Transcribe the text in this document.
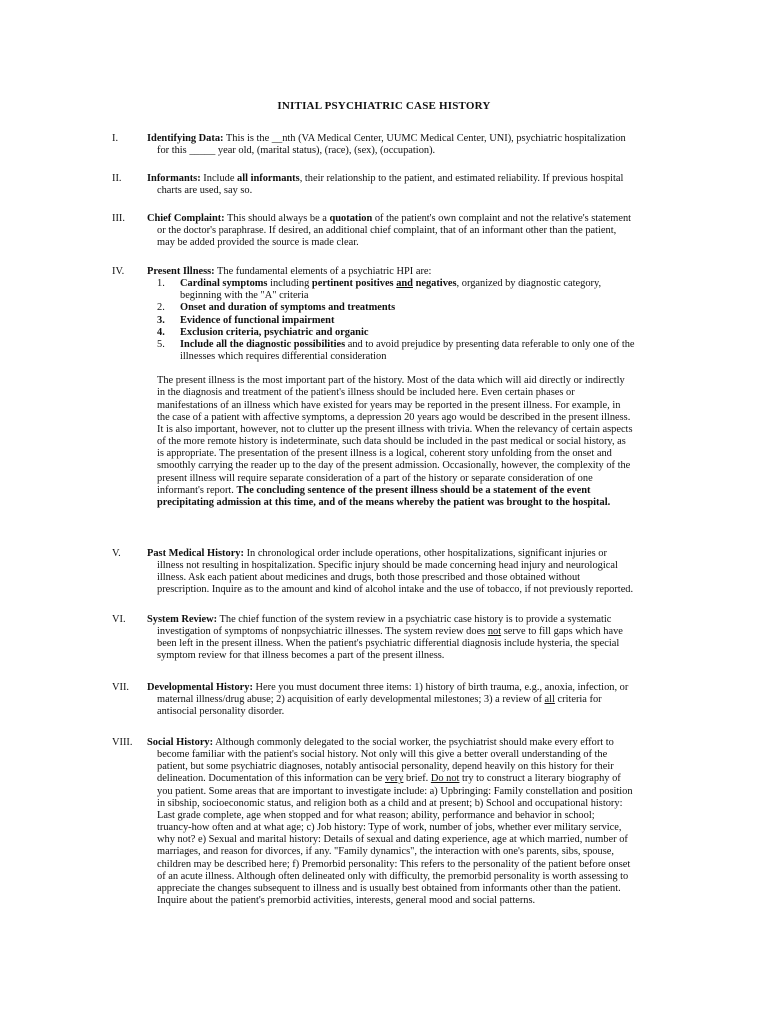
INITIAL PSYCHIATRIC CASE HISTORY
I.	Identifying Data: This is the __nth (VA Medical Center, UUMC Medical Center, UNI), psychiatric hospitalization
for this _____ year old, (marital status), (race), (sex), (occupation).
II.	Informants: Include all informants, their relationship to the patient, and estimated reliability. If previous hospital
charts are used, say so.
III.	Chief Complaint: This should always be a quotation of the patient's own complaint and not the relative's statement
or the doctor's paraphrase. If desired, an additional chief complaint, that of an informant other than the patient,
may be added provided the source is made clear.
IV.	Present Illness: The fundamental elements of a psychiatric HPI are:
1. Cardinal symptoms including pertinent positives and negatives, organized by diagnostic category,
beginning with the "A" criteria
2. Onset and duration of symptoms and treatments
3. Evidence of functional impairment
4. Exclusion criteria, psychiatric and organic
5. Include all the diagnostic possibilities and to avoid prejudice by presenting data referable to only one of the
illnesses which requires differential consideration
The present illness is the most important part of the history. Most of the data which will aid directly or indirectly
in the diagnosis and treatment of the patient's illness should be included here. Even certain phases or
manifestations of an illness which have existed for years may be reported in the present illness. For example, in
the case of a patient with affective symptoms, a depression 20 years ago would be described in the present illness.
It is also important, however, not to clutter up the present illness with trivia. When the relevancy of certain aspects
of the more remote history is indeterminate, such data should be included in the past medical or social history, as
is appropriate. The presentation of the present illness is a logical, coherent story unfolding from the onset and
smoothly carrying the reader up to the day of the present admission. Occasionally, however, the complexity of the
present illness will require separate consideration of a part of the history or separate consideration of one
informant's report. The concluding sentence of the present illness should be a statement of the event
precipitating admission at this time, and of the means whereby the patient was brought to the hospital.
V.	Past Medical History: In chronological order include operations, other hospitalizations, significant injuries or
illness not resulting in hospitalization. Specific injury should be made concerning head injury and neurological
illness. Ask each patient about medicines and drugs, both those prescribed and those obtained without
prescription. Inquire as to the amount and kind of alcohol intake and the use of tobacco, if not previously reported.
VI.	System Review: The chief function of the system review in a psychiatric case history is to provide a systematic
investigation of symptoms of nonpsychiatric illnesses. The system review does not serve to fill gaps which have
been left in the present illness. When the patient's psychiatric differential diagnosis include hysteria, the special
symptom review for that illness becomes a part of the present illness.
VII.	Developmental History: Here you must document three items: 1) history of birth trauma, e.g., anoxia, infection, or
maternal illness/drug abuse; 2) acquisition of early developmental milestones; 3) a review of all criteria for
antisocial personality disorder.
VIII.	Social History: Although commonly delegated to the social worker, the psychiatrist should make every effort to
become familiar with the patient's social history. Not only will this give a better overall understanding of the
patient, but some psychiatric diagnoses, notably antisocial personality, depend heavily on this history for their
delineation. Documentation of this information can be very brief. Do not try to construct a literary biography of
you patient. Some areas that are important to investigate include: a) Upbringing: Family constellation and position
in sibship, socioeconomic status, and religion both as a child and at present; b) School and occupational history:
Last grade complete, age when stopped and for what reason; ability, performance and behavior in school;
truancy-how often and at what age; c) Job history: Type of work, number of jobs, whether ever military service,
why not? e) Sexual and marital history: Details of sexual and dating experience, age at which married, number of
marriages, and reason for divorces, if any. "Family dynamics", the interaction with one's parents, sibs, spouse,
children may be described here; f) Premorbid personality: This refers to the personality of the patient before onset
of an acute illness. Although often delineated only with difficulty, the premorbid personality is worth assessing to
appreciate the changes subsequent to illness and is usually best obtained from informants other than the patient.
Inquire about the patient's premorbid activities, interests, general mood and social patterns.
